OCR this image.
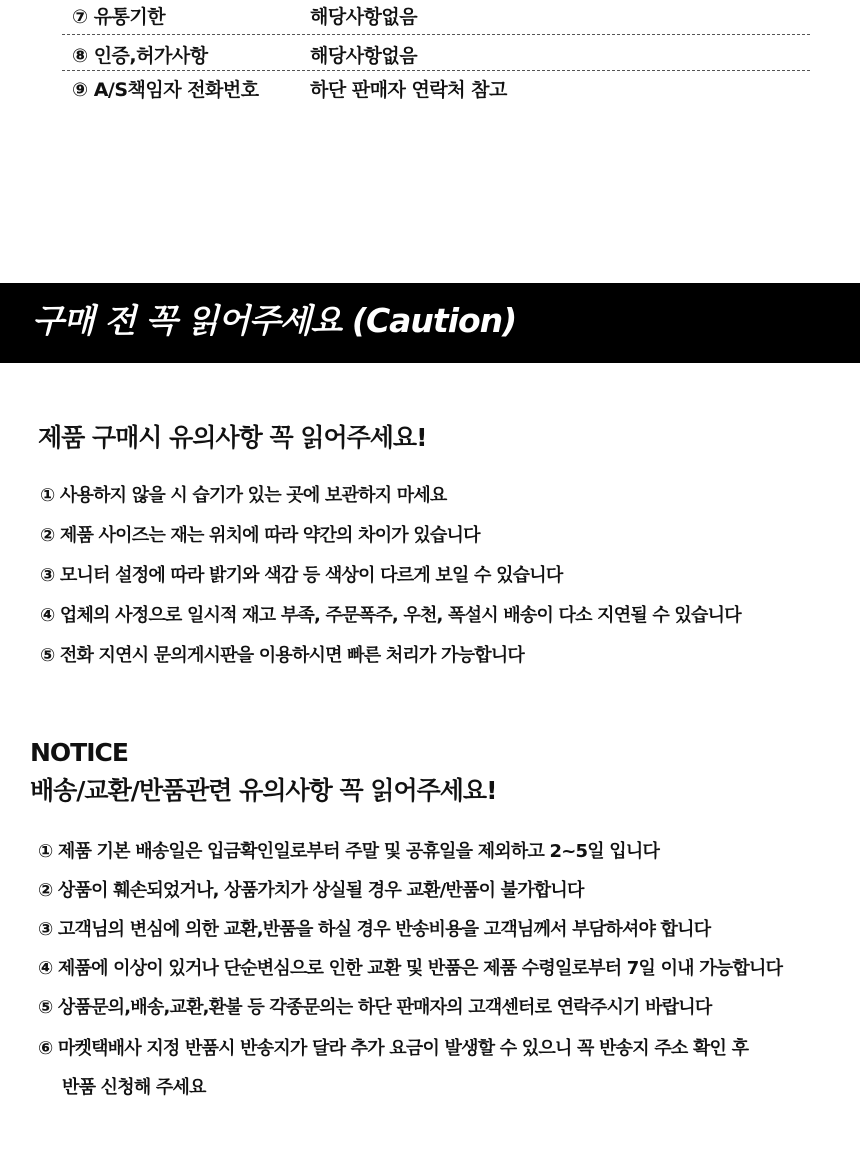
⑦ 유통기한	해당사항없음
⑧ 인증,허가사항	해당사항없음
⑨ A/S책임자 전화번호	하단 판매자 연락처 참고
구매 전 꼭 읽어주세요 (Caution)
제품 구매시 유의사항 꼭 읽어주세요!
① 사용하지 않을 시 습기가 있는 곳에 보관하지 마세요
② 제품 사이즈는 재는 위치에 따라 약간의 차이가 있습니다
③ 모니터 설정에 따라 밝기와 색감 등 색상이 다르게 보일 수 있습니다
④ 업체의 사정으로 일시적 재고 부족, 주문폭주, 우천, 폭설시 배송이 다소 지연될 수 있습니다
⑤ 전화 지연시 문의게시판을 이용하시면 빠른 처리가 가능합니다
NOTICE
배송/교환/반품관련 유의사항 꼭 읽어주세요!
① 제품 기본 배송일은 입금확인일로부터 주말 및 공휴일을 제외하고 2~5일 입니다
② 상품이 훼손되었거나, 상품가치가 상실될 경우 교환/반품이 불가합니다
③ 고객님의 변심에 의한 교환,반품을 하실 경우 반송비용을 고객님께서 부담하셔야 합니다
④ 제품에 이상이 있거나 단순변심으로 인한 교환 및 반품은 제품 수령일로부터 7일 이내 가능합니다
⑤ 상품문의,배송,교환,환불 등 각종문의는 하단 판매자의 고객센터로 연락주시기 바랍니다
⑥ 마켓택배사 지정 반품시 반송지가 달라 추가 요금이 발생할 수 있으니 꼭 반송지 주소 확인 후
반품 신청해 주세요
